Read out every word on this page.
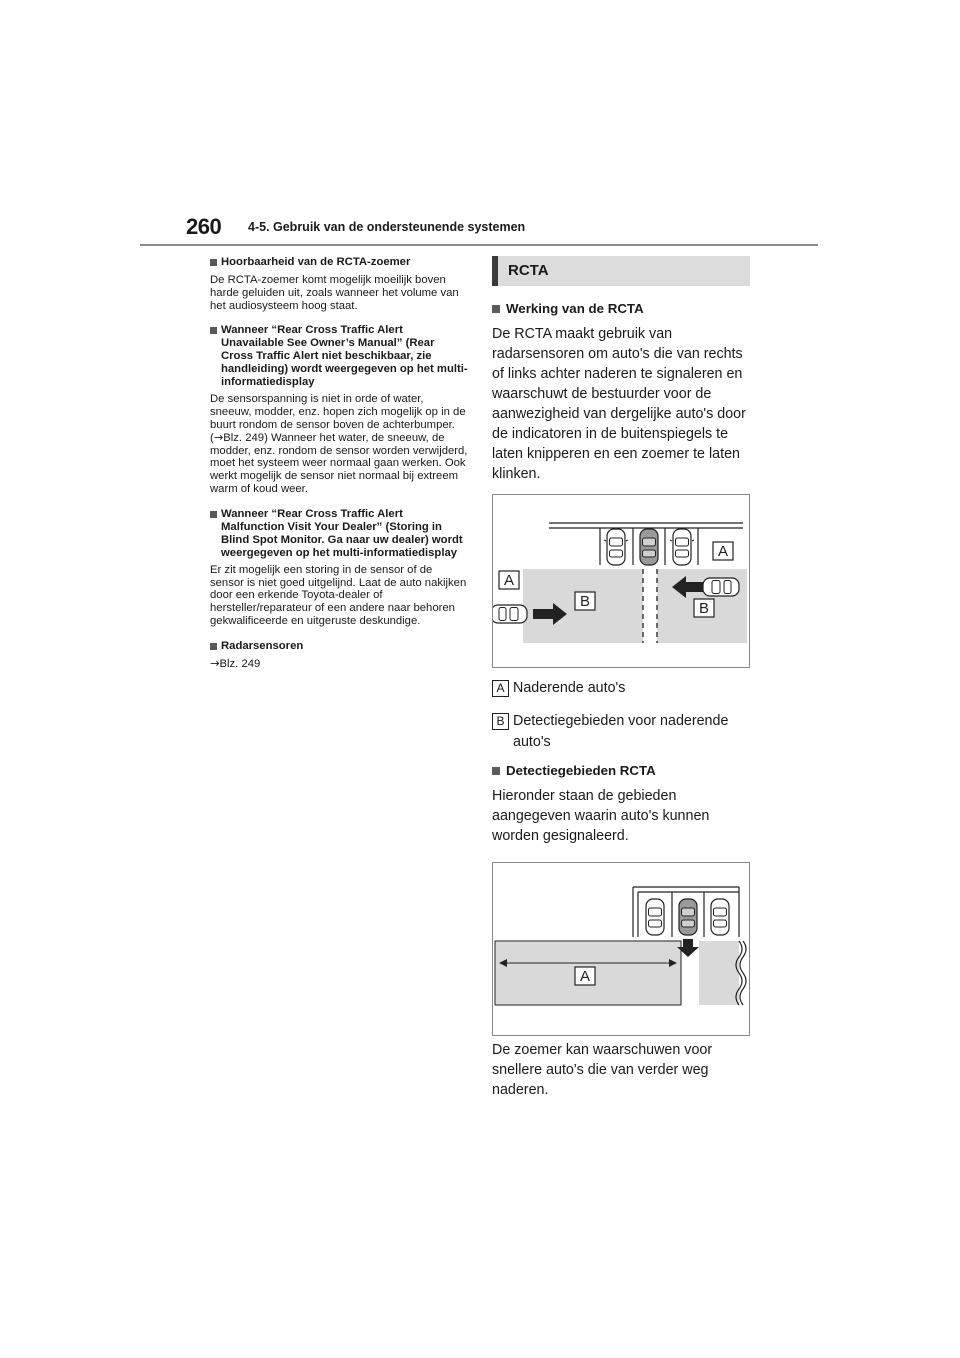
260 4-5. Gebruik van de ondersteunende systemen
Hoorbaarheid van de RCTA-zoemer

De RCTA-zoemer komt mogelijk moeilijk boven harde geluiden uit, zoals wanneer het volume van het audiosysteem hoog staat.

Wanneer “Rear Cross Traffic Alert Unavailable See Owner’s Manual” (Rear Cross Traffic Alert niet beschikbaar, zie handleiding) wordt weergegeven op het multi-informatiedisplay

De sensorspanning is niet in orde of water, sneeuw, modder, enz. hopen zich mogelijk op in de buurt rondom de sensor boven de achterbumper. (→Blz. 249) Wanneer het water, de sneeuw, de modder, enz. rondom de sensor worden verwijderd, moet het systeem weer normaal gaan werken. Ook werkt mogelijk de sensor niet normaal bij extreem warm of koud weer.

Wanneer “Rear Cross Traffic Alert Malfunction Visit Your Dealer” (Storing in Blind Spot Monitor. Ga naar uw dealer) wordt weergegeven op het multi-informatiedisplay

Er zit mogelijk een storing in de sensor of de sensor is niet goed uitgelijnd. Laat de auto nakijken door een erkende Toyota-dealer of hersteller/reparateur of een andere naar behoren gekwalificeerde en uitgeruste deskundige.

Radarsensoren

→Blz. 249

RCTA
Werking van de RCTA

De RCTA maakt gebruik van radarsensoren om auto's die van rechts of links achter naderen te signaleren en waarschuwt de bestuurder voor de aanwezigheid van dergelijke auto's door de indicatoren in de buitenspiegels te laten knipperen en een zoemer te laten klinken.

A
B
A
B
A Naderende auto's
B Detectiegebieden voor naderende auto's
Detectiegebieden RCTA

Hieronder staan de gebieden aangegeven waarin auto's kunnen worden gesignaleerd.

A

De zoemer kan waarschuwen voor snellere auto's die van verder weg naderen.
